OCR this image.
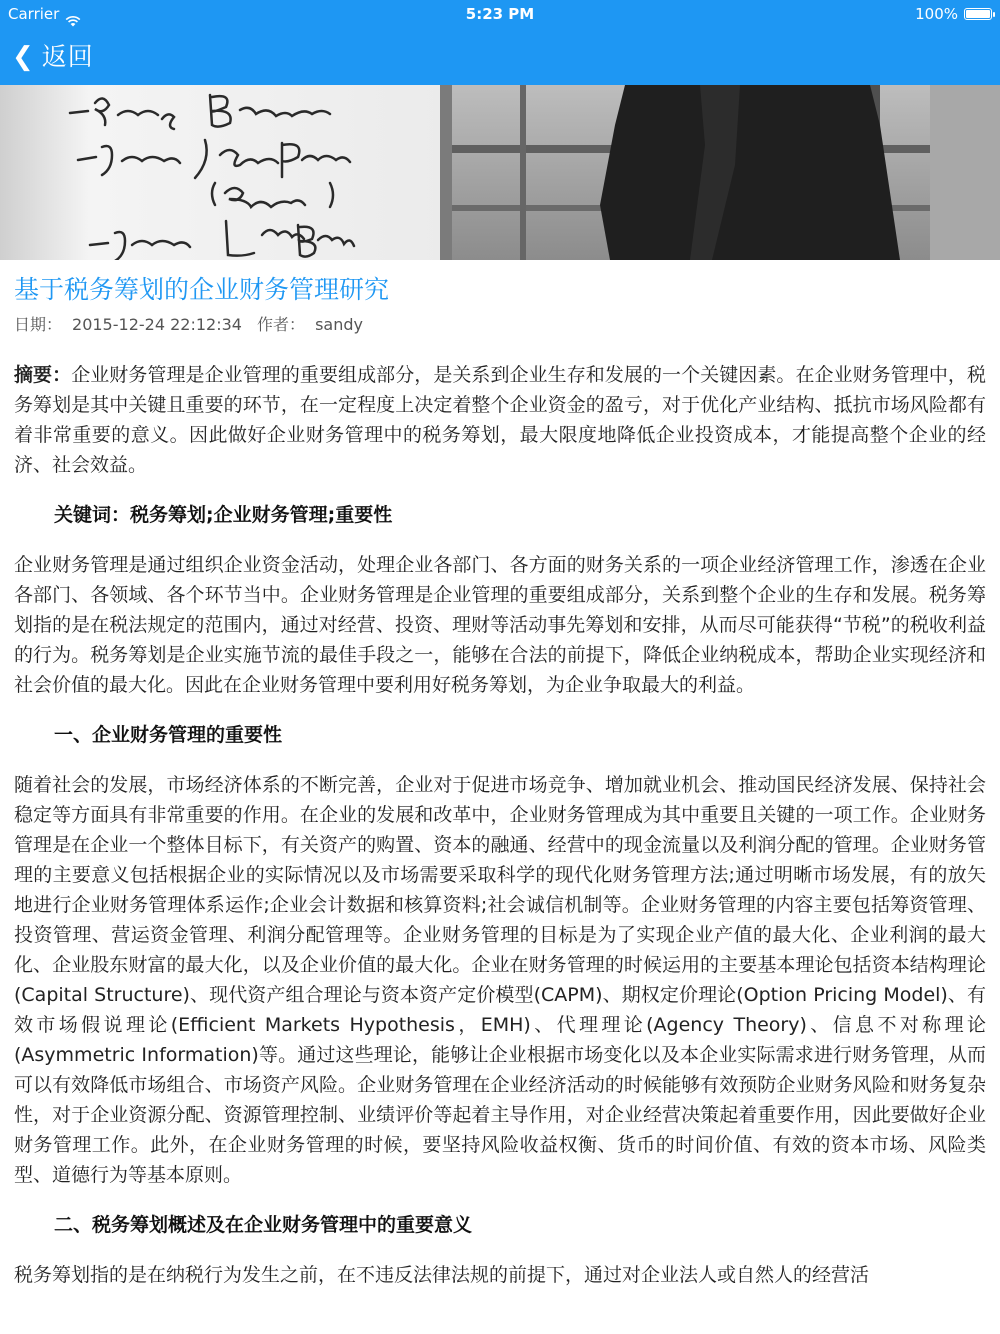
Carrier	5:23 PM	100%
❮ 返回
基于税务筹划的企业财务管理研究
日期： 2015-12-24 22:12:34 作者： sandy

摘要：企业财务管理是企业管理的重要组成部分，是关系到企业生存和发展的一个关键因素。在企业财务管理中，税务筹划是其中关键且重要的环节，在一定程度上决定着整个企业资金的盈亏，对于优化产业结构、抵抗市场风险都有着非常重要的意义。因此做好企业财务管理中的税务筹划，最大限度地降低企业投资成本，才能提高整个企业的经济、社会效益。

关键词：税务筹划;企业财务管理;重要性

企业财务管理是通过组织企业资金活动，处理企业各部门、各方面的财务关系的一项企业经济管理工作，渗透在企业各部门、各领域、各个环节当中。企业财务管理是企业管理的重要组成部分，关系到整个企业的生存和发展。税务筹划指的是在税法规定的范围内，通过对经营、投资、理财等活动事先筹划和安排，从而尽可能获得“节税”的税收利益的行为。税务筹划是企业实施节流的最佳手段之一，能够在合法的前提下，降低企业纳税成本，帮助企业实现经济和社会价值的最大化。因此在企业财务管理中要利用好税务筹划，为企业争取最大的利益。

一、企业财务管理的重要性

随着社会的发展，市场经济体系的不断完善，企业对于促进市场竞争、增加就业机会、推动国民经济发展、保持社会稳定等方面具有非常重要的作用。在企业的发展和改革中，企业财务管理成为其中重要且关键的一项工作。企业财务管理是在企业一个整体目标下，有关资产的购置、资本的融通、经营中的现金流量以及利润分配的管理。企业财务管理的主要意义包括根据企业的实际情况以及市场需要采取科学的现代化财务管理方法;通过明晰市场发展，有的放矢地进行企业财务管理体系运作;企业会计数据和核算资料;社会诚信机制等。企业财务管理的内容主要包括筹资管理、投资管理、营运资金管理、利润分配管理等。企业财务管理的目标是为了实现企业产值的最大化、企业利润的最大化、企业股东财富的最大化，以及企业价值的最大化。企业在财务管理的时候运用的主要基本理论包括资本结构理论(Capital Structure)、现代资产组合理论与资本资产定价模型(CAPM)、期权定价理论(Option Pricing Model)、有效市场假说理论(Efficient Markets Hypothesis，EMH)、代理理论(Agency Theory)、信息不对称理论(Asymmetric Information)等。通过这些理论，能够让企业根据市场变化以及本企业实际需求进行财务管理，从而可以有效降低市场组合、市场资产风险。企业财务管理在企业经济活动的时候能够有效预防企业财务风险和财务复杂性，对于企业资源分配、资源管理控制、业绩评价等起着主导作用，对企业经营决策起着重要作用，因此要做好企业财务管理工作。此外，在企业财务管理的时候，要坚持风险收益权衡、货币的时间价值、有效的资本市场、风险类型、道德行为等基本原则。

二、税务筹划概述及在企业财务管理中的重要意义

税务筹划指的是在纳税行为发生之前，在不违反法律法规的前提下，通过对企业法人或自然人的经营活
